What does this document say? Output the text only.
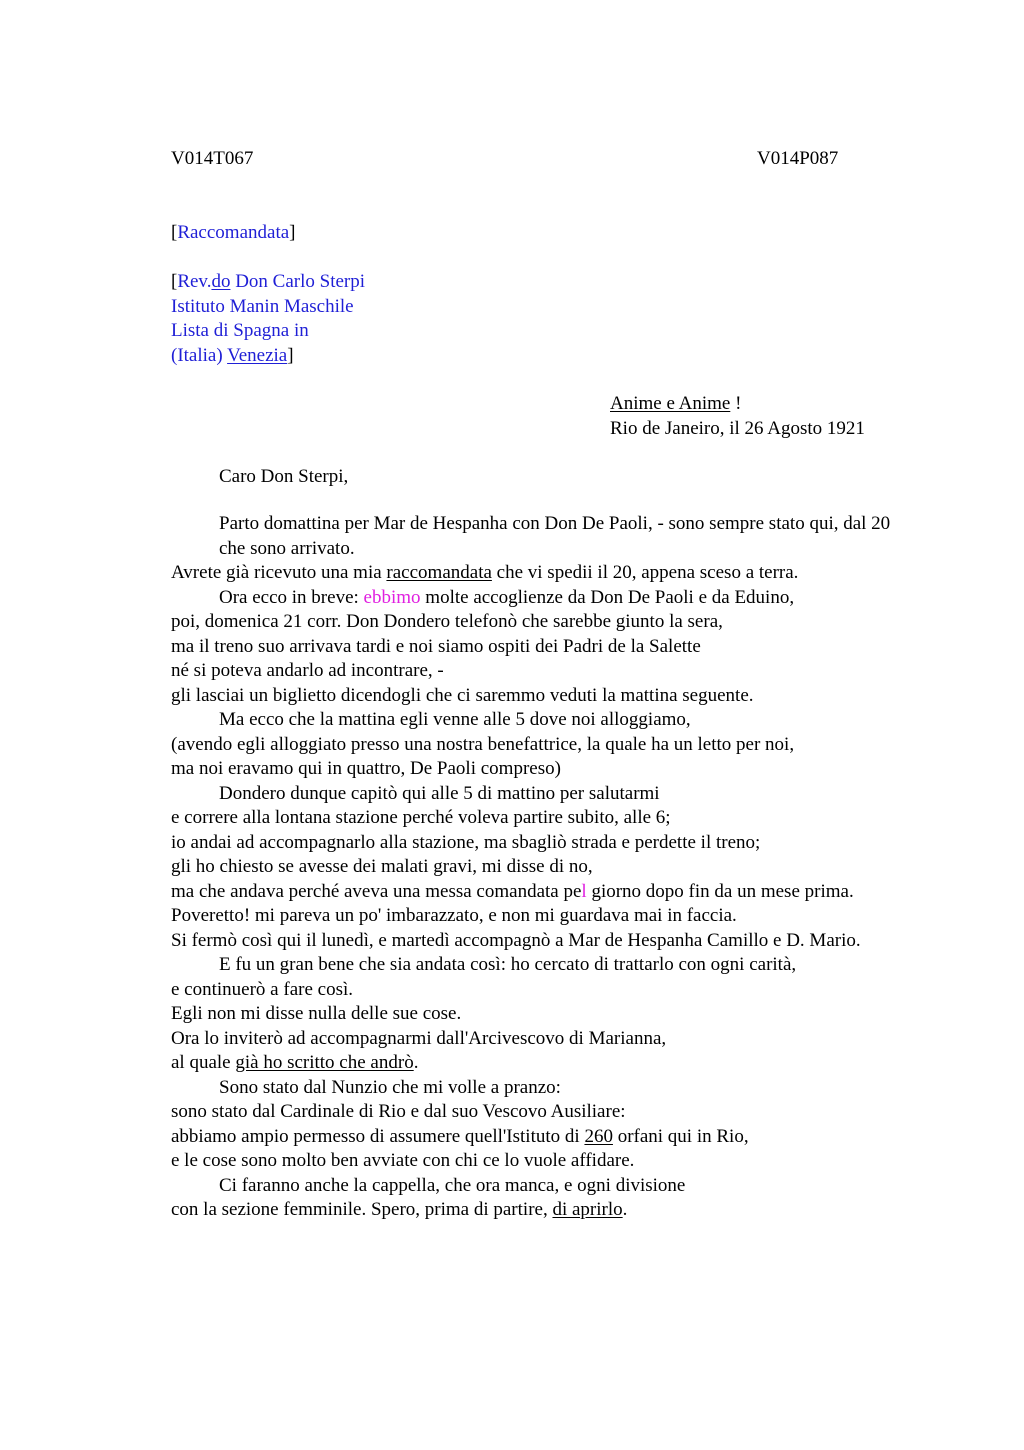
V014T067	V014P087
[Raccomandata]
[Rev.do Don Carlo Sterpi
Istituto Manin Maschile
Lista di Spagna in
(Italia) Venezia]
Anime e Anime !
Rio de Janeiro, il 26 Agosto 1921
Caro Don Sterpi,
Parto domattina per Mar de Hespanha con Don De Paoli, - sono sempre stato qui, dal 20 che sono arrivato.
Avrete già ricevuto una mia raccomandata che vi spedii il 20, appena sceso a terra.
Ora ecco in breve: ebbimo molte accoglienze da Don De Paoli e da Eduino,
poi, domenica 21 corr. Don Dondero telefonò che sarebbe giunto la sera,
ma il treno suo arrivava tardi e noi siamo ospiti dei Padri de la Salette
né si poteva andarlo ad incontrare, -
gli lasciai un biglietto dicendogli che ci saremmo veduti la mattina seguente.
Ma ecco che la mattina egli venne alle 5 dove noi alloggiamo,
(avendo egli alloggiato presso una nostra benefattrice, la quale ha un letto per noi,
ma noi eravamo qui in quattro, De Paoli compreso)
Dondero dunque capitò qui alle 5 di mattino per salutarmi
e correre alla lontana stazione perché voleva partire subito, alle 6;
io andai ad accompagnarlo alla stazione, ma sbagliò strada e perdette il treno;
gli ho chiesto se avesse dei malati gravi, mi disse di no,
ma che andava perché aveva una messa comandata pel giorno dopo fin da un mese prima.
Poveretto! mi pareva un po' imbarazzato, e non mi guardava mai in faccia.
Si fermò così qui il lunedì, e martedì accompagnò a Mar de Hespanha Camillo e D. Mario.
E fu un gran bene che sia andata così: ho cercato di trattarlo con ogni carità,
e continuerò a fare così.
Egli non mi disse nulla delle sue cose.
Ora lo inviterò ad accompagnarmi dall'Arcivescovo di Marianna,
al quale già ho scritto che andrò.
Sono stato dal Nunzio che mi volle a pranzo:
sono stato dal Cardinale di Rio e dal suo Vescovo Ausiliare:
abbiamo ampio permesso di assumere quell'Istituto di 260 orfani qui in Rio,
e le cose sono molto ben avviate con chi ce lo vuole affidare.
Ci faranno anche la cappella, che ora manca, e ogni divisione
con la sezione femminile. Spero, prima di partire, di aprirlo.
